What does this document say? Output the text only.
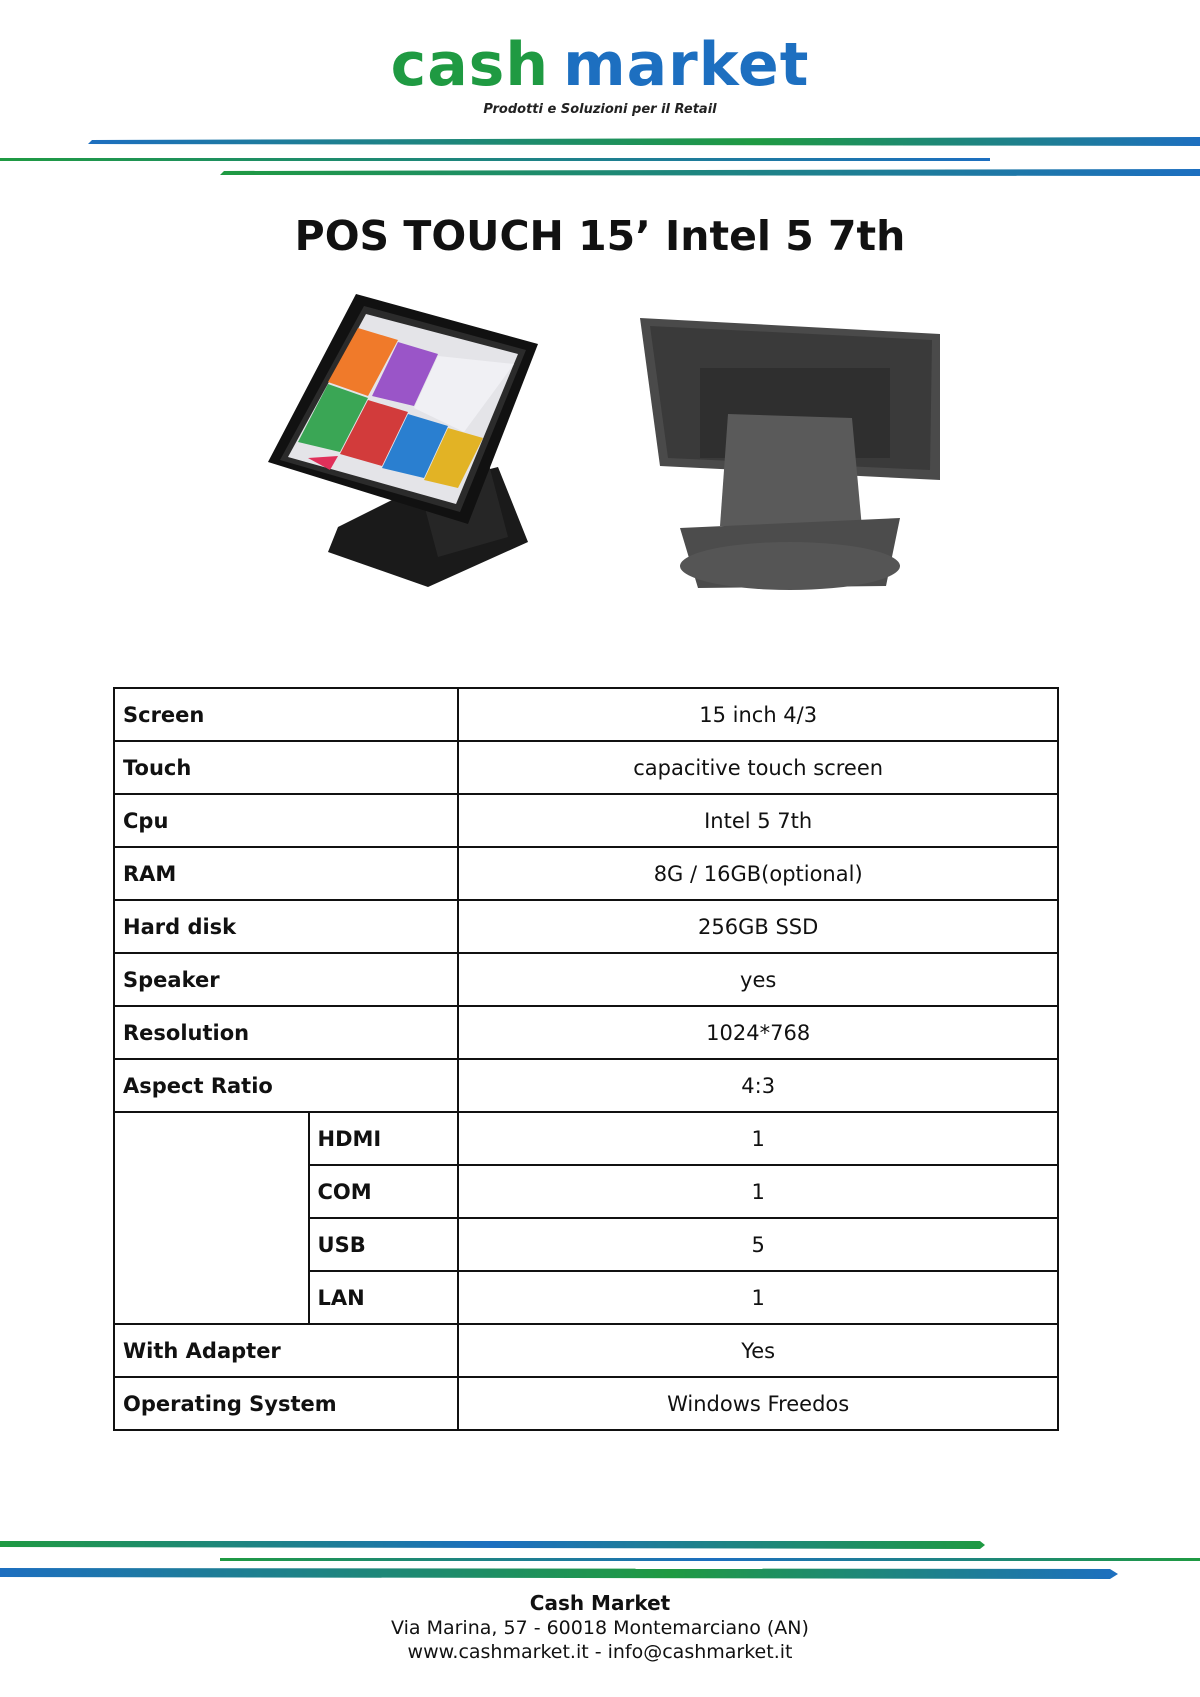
cash market
Prodotti e Soluzioni per il Retail
POS TOUCH 15’ Intel 5 7th
Screen		15 inch 4/3
Touch		capacitive touch screen
Cpu		Intel 5 7th
RAM		8G / 16GB(optional)
Hard disk		256GB SSD
Speaker		yes
Resolution		1024*768
Aspect Ratio		4:3
	HDMI	1
	COM	1
	USB	5
	LAN	1
With Adapter		Yes
Operating System		Windows Freedos
Cash Market
Via Marina, 57 - 60018 Montemarciano (AN)
www.cashmarket.it - info@cashmarket.it
